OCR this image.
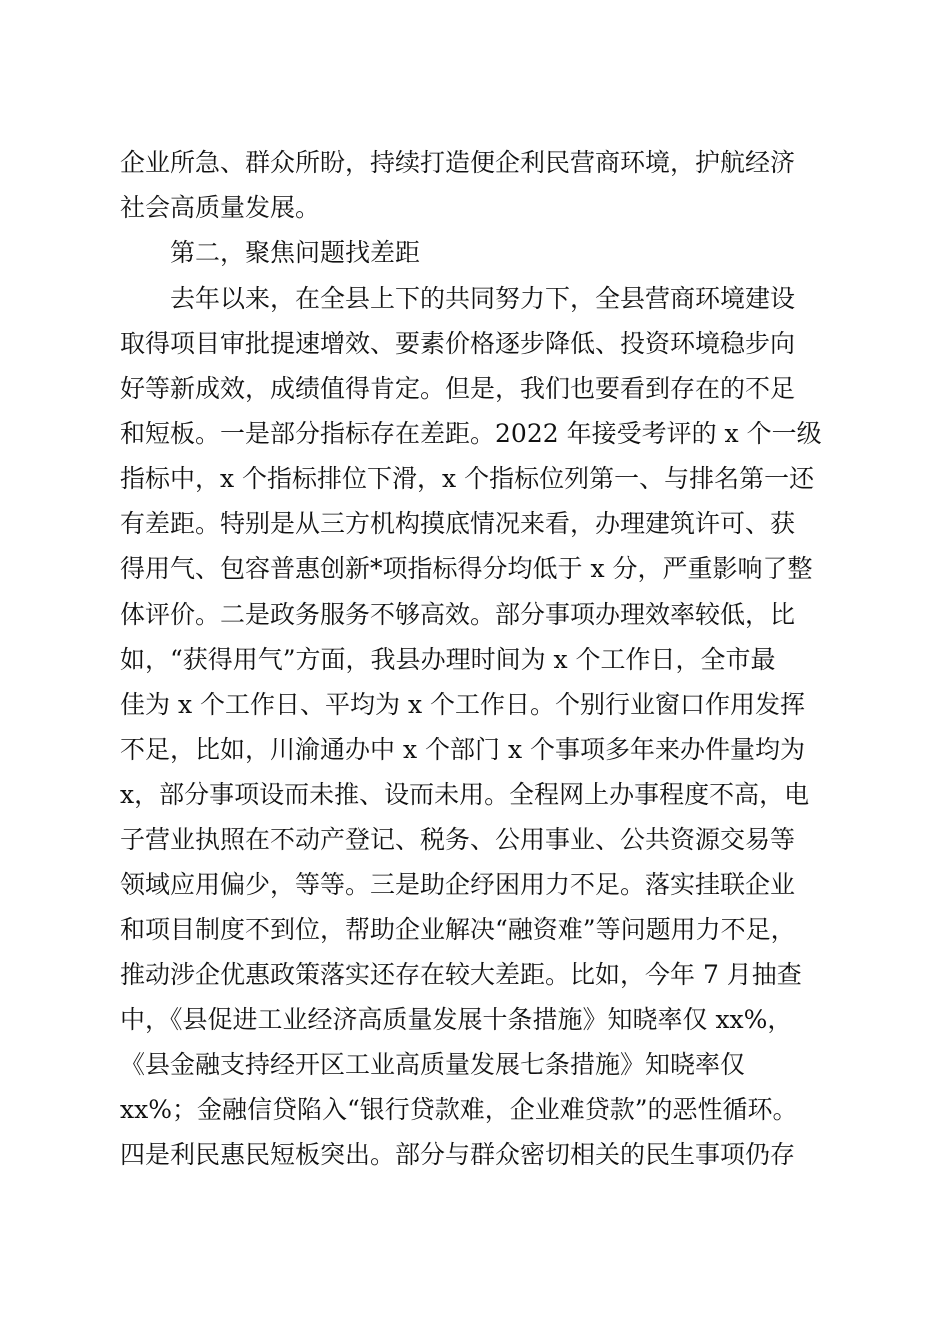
企业所急、群众所盼，持续打造便企利民营商环境，护航经济
社会高质量发展。
第二，聚焦问题找差距
去年以来，在全县上下的共同努力下，全县营商环境建设
取得项目审批提速增效、要素价格逐步降低、投资环境稳步向
好等新成效，成绩值得肯定。但是，我们也要看到存在的不足
和短板。一是部分指标存在差距。2022 年接受考评的 x 个一级
指标中，x 个指标排位下滑，x 个指标位列第一、与排名第一还
有差距。特别是从三方机构摸底情况来看，办理建筑许可、获
得用气、包容普惠创新*项指标得分均低于 x 分，严重影响了整
体评价。二是政务服务不够高效。部分事项办理效率较低，比
如，“获得用气”方面，我县办理时间为 x 个工作日，全市最
佳为 x 个工作日、平均为 x 个工作日。个别行业窗口作用发挥
不足，比如，川渝通办中 x 个部门 x 个事项多年来办件量均为
x，部分事项设而未推、设而未用。全程网上办事程度不高，电
子营业执照在不动产登记、税务、公用事业、公共资源交易等
领域应用偏少，等等。三是助企纾困用力不足。落实挂联企业
和项目制度不到位，帮助企业解决“融资难”等问题用力不足，
推动涉企优惠政策落实还存在较大差距。比如，今年 7 月抽查
中，《县促进工业经济高质量发展十条措施》知晓率仅 xx%，
《县金融支持经开区工业高质量发展七条措施》知晓率仅
xx%；金融信贷陷入“银行贷款难，企业难贷款”的恶性循环。
四是利民惠民短板突出。部分与群众密切相关的民生事项仍存
